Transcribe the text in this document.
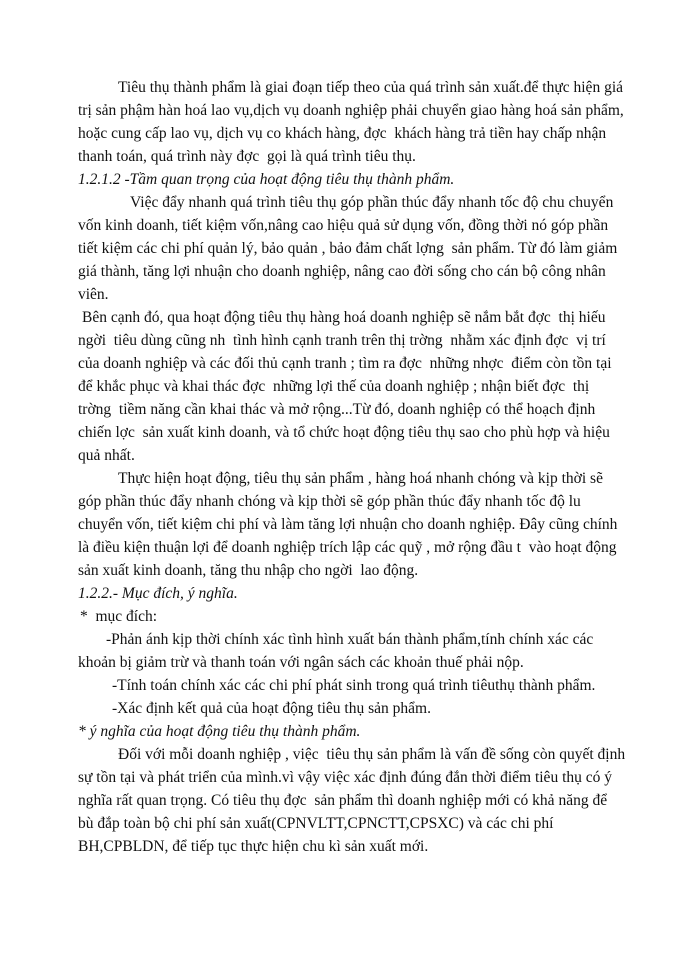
Tiêu thụ thành phẩm là giai đoạn tiếp theo của quá trình sản xuất.để thực hiện giá
trị sản phậm hàn hoá lao vụ,dịch vụ doanh nghiệp phải chuyển giao hàng hoá sản phẩm,
hoặc cung cấp lao vụ, dịch vụ co khách hàng, đợc  khách hàng trả tiền hay chấp nhận
thanh toán, quá trình này đợc  gọi là quá trình tiêu thụ.
1.2.1.2 -Tầm quan trọng của hoạt động tiêu thụ thành phẩm.
Việc đẩy nhanh quá trình tiêu thụ góp phần thúc đẩy nhanh tốc độ chu chuyển
vốn kinh doanh, tiết kiệm vốn,nâng cao hiệu quả sử dụng vốn, đồng thời nó góp phần
tiết kiệm các chi phí quản lý, bảo quản , bảo đảm chất lợng  sản phẩm. Từ đó làm giảm
giá thành, tăng lợi nhuận cho doanh nghiệp, nâng cao đời sống cho cán bộ công nhân
viên.
Bên cạnh đó, qua hoạt động tiêu thụ hàng hoá doanh nghiệp sẽ nắm bắt đợc  thị hiếu
ngời  tiêu dùng cũng nh  tình hình cạnh tranh trên thị trờng  nhằm xác định đợc  vị trí
của doanh nghiệp và các đối thủ cạnh tranh ; tìm ra đợc  những nhợc  điểm còn tồn tại
để khắc phục và khai thác đợc  những lợi thế của doanh nghiệp ; nhận biết đợc  thị
trờng  tiềm năng cần khai thác và mở rộng...Từ đó, doanh nghiệp có thể hoạch định
chiến lợc  sản xuất kinh doanh, và tổ chức hoạt động tiêu thụ sao cho phù hợp và hiệu
quả nhất.
Thực hiện hoạt động, tiêu thụ sản phẩm , hàng hoá nhanh chóng và kịp thời sẽ
góp phần thúc đẩy nhanh chóng và kịp thời sẽ góp phần thúc đẩy nhanh tốc độ lu
chuyển vốn, tiết kiệm chi phí và làm tăng lợi nhuận cho doanh nghiệp. Đây cũng chính
là điều kiện thuận lợi để doanh nghiệp trích lập các quỹ , mở rộng đầu t  vào hoạt động
sản xuất kinh doanh, tăng thu nhập cho ngời  lao động.
1.2.2.- Mục đích, ý nghĩa.
*  mục đích:
-Phản ánh kịp thời chính xác tình hình xuất bán thành phẩm,tính chính xác các
khoản bị giảm trừ và thanh toán với ngân sách các khoản thuế phải nộp.
-Tính toán chính xác các chi phí phát sinh trong quá trình tiêuthụ thành phẩm.
-Xác định kết quả của hoạt động tiêu thụ sản phẩm.
* ý nghĩa của hoạt động tiêu thụ thành phẩm.
Đối với mỗi doanh nghiệp , việc  tiêu thụ sản phẩm là vấn đề sống còn quyết định
sự tồn tại và phát triển của mình.vì vậy việc xác định đúng đắn thời điểm tiêu thụ có ý
nghĩa rất quan trọng. Có tiêu thụ đợc  sản phẩm thì doanh nghiệp mới có khả năng để
bù đắp toàn bộ chi phí sản xuất(CPNVLTT,CPNCTT,CPSXC) và các chi phí
BH,CPBLDN, để tiếp tục thực hiện chu kì sản xuất mới.
